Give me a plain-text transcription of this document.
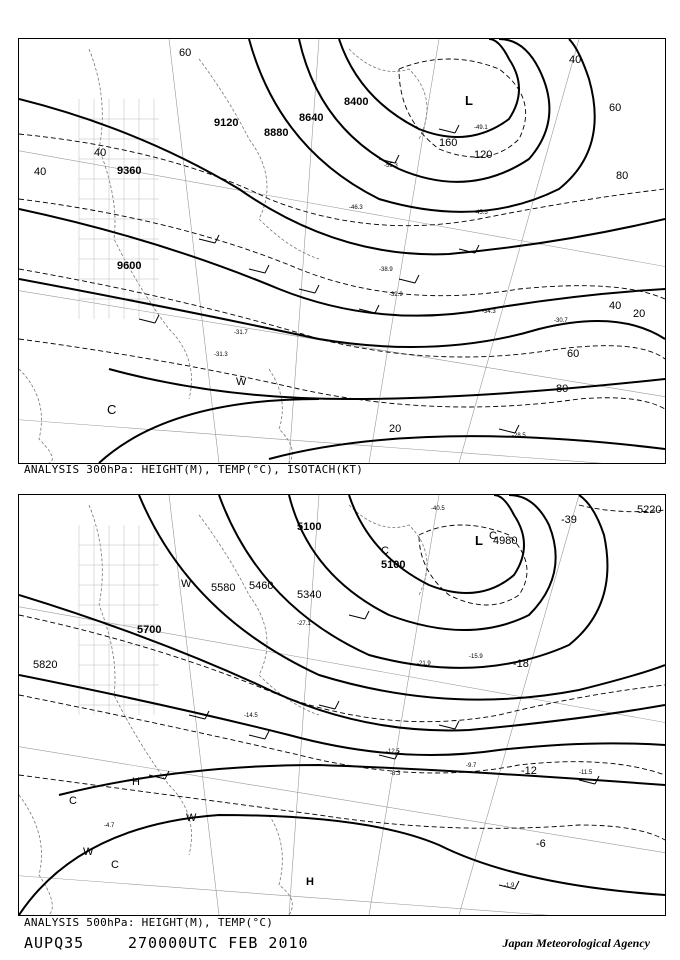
9600
9360
9120
8880
8640
8400
60
40
40
120
160
80
60
40
20
80
60
20
40
-55.3
-49.1
-46.3
-45.5
-38.9
-32.9
-31.7
-31.3
-34.3
-30.7
-28.5
L
C
W
ANALYSIS 300hPa: HEIGHT(M), TEMP(°C), ISOTACH(KT)
5820
5700
5580 5460
5340
5100
5100
4980
5220
-39
-18
-12
-6
-40.5
-27.1
-21.9
-15.9
-14.5
-12.5
-8.3
-9.7
-11.5
-4.7
-1.9
L C
W
C
H
W
C
H
C
W
ANALYSIS 500hPa: HEIGHT(M), TEMP(°C)
AUPQ35	270000UTC FEB 2010	Japan Meteorological Agency
